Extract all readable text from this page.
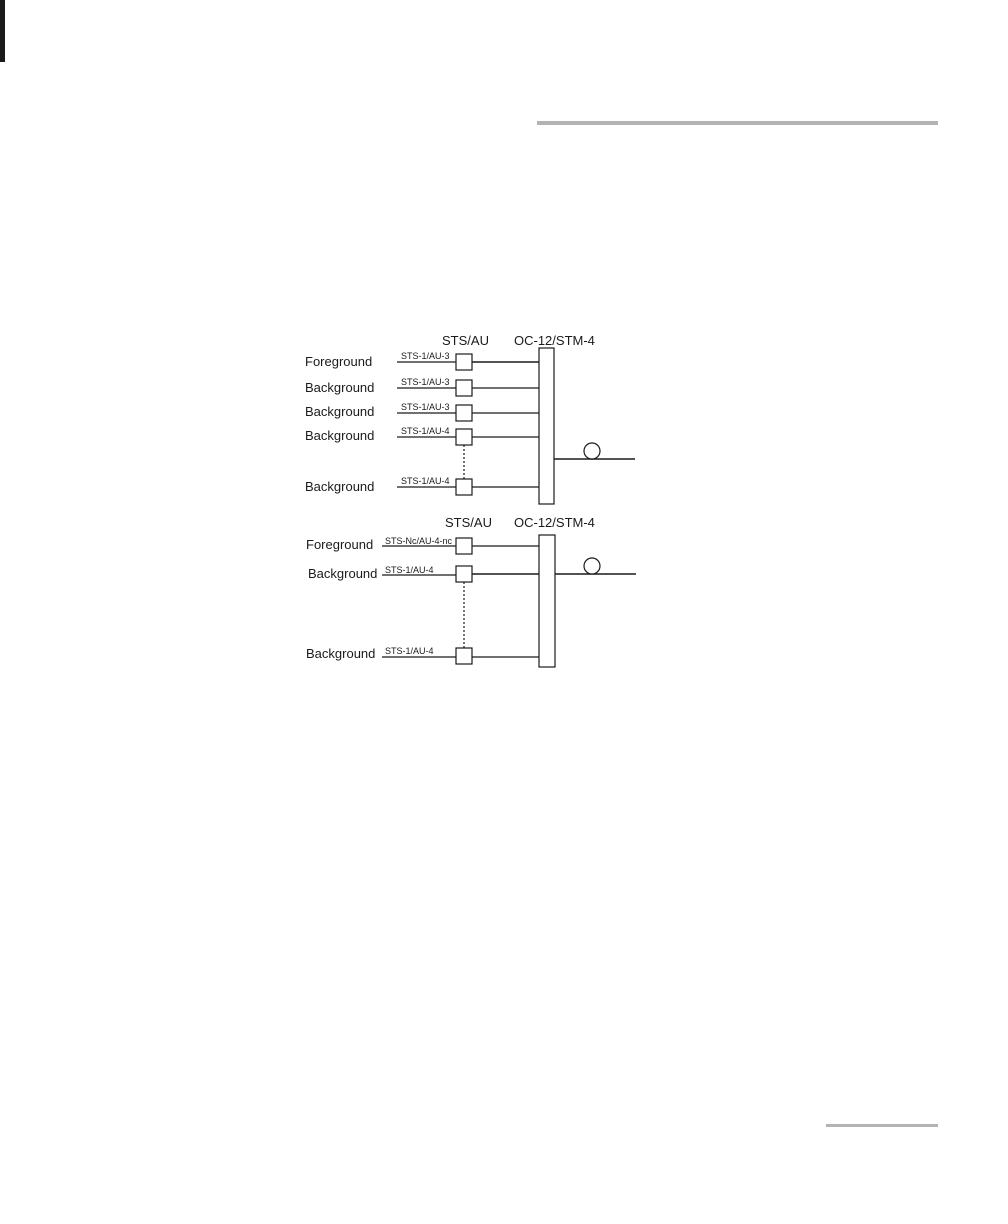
STS/AU OC-12/STM-4
Foreground
Background
Background
Background
Background
STS-1/AU-3
STS-1/AU-3
STS-1/AU-3
STS-1/AU-4
STS-1/AU-4
STS/AU OC-12/STM-4
Foreground
Background
Background
STS-Nc/AU-4-nc
STS-1/AU-4
STS-1/AU-4
